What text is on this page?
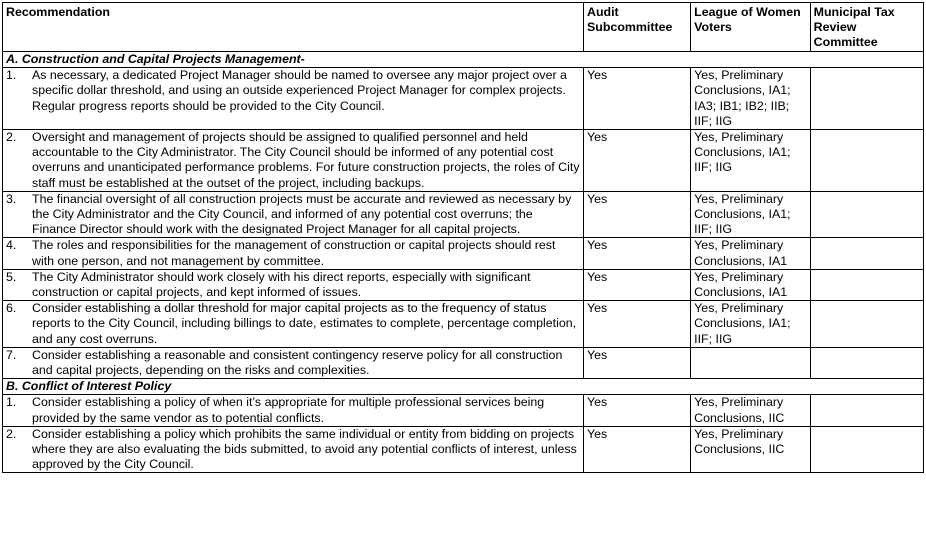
Recommendation	Audit Subcommittee	League of Women Voters	Municipal Tax Review Committee
A. Construction and Capital Projects Management-			

1. As necessary, a dedicated Project Manager should be named to oversee any major project over a specific dollar threshold, and using an outside experienced Project Manager for complex projects. Regular progress reports should be provided to the City Council.	Yes	Yes, Preliminary Conclusions, IA1; IA3; IB1; IB2; IIB; IIF; IIG	

2. Oversight and management of projects should be assigned to qualified personnel and held accountable to the City Administrator. The City Council should be informed of any potential cost overruns and unanticipated performance problems. For future construction projects, the roles of City staff must be established at the outset of the project, including backups.	Yes	Yes, Preliminary Conclusions, IA1; IIF; IIG	

3. The financial oversight of all construction projects must be accurate and reviewed as necessary by the City Administrator and the City Council, and informed of any potential cost overruns; the Finance Director should work with the designated Project Manager for all capital projects.	Yes	Yes, Preliminary Conclusions, IA1; IIF; IIG	

4. The roles and responsibilities for the management of construction or capital projects should rest with one person, and not management by committee.	Yes	Yes, Preliminary Conclusions, IA1	

5. The City Administrator should work closely with his direct reports, especially with significant construction or capital projects, and kept informed of issues.	Yes	Yes, Preliminary Conclusions, IA1	

6. Consider establishing a dollar threshold for major capital projects as to the frequency of status reports to the City Council, including billings to date, estimates to complete, percentage completion, and any cost overruns.	Yes	Yes, Preliminary Conclusions, IA1; IIF; IIG	

7. Consider establishing a reasonable and consistent contingency reserve policy for all construction and capital projects, depending on the risks and complexities.	Yes		
B. Conflict of Interest Policy			

1. Consider establishing a policy of when it’s appropriate for multiple professional services being provided by the same vendor as to potential conflicts.	Yes	Yes, Preliminary Conclusions, IIC	

2. Consider establishing a policy which prohibits the same individual or entity from bidding on projects where they are also evaluating the bids submitted, to avoid any potential conflicts of interest, unless approved by the City Council.	Yes	Yes, Preliminary Conclusions, IIC	
